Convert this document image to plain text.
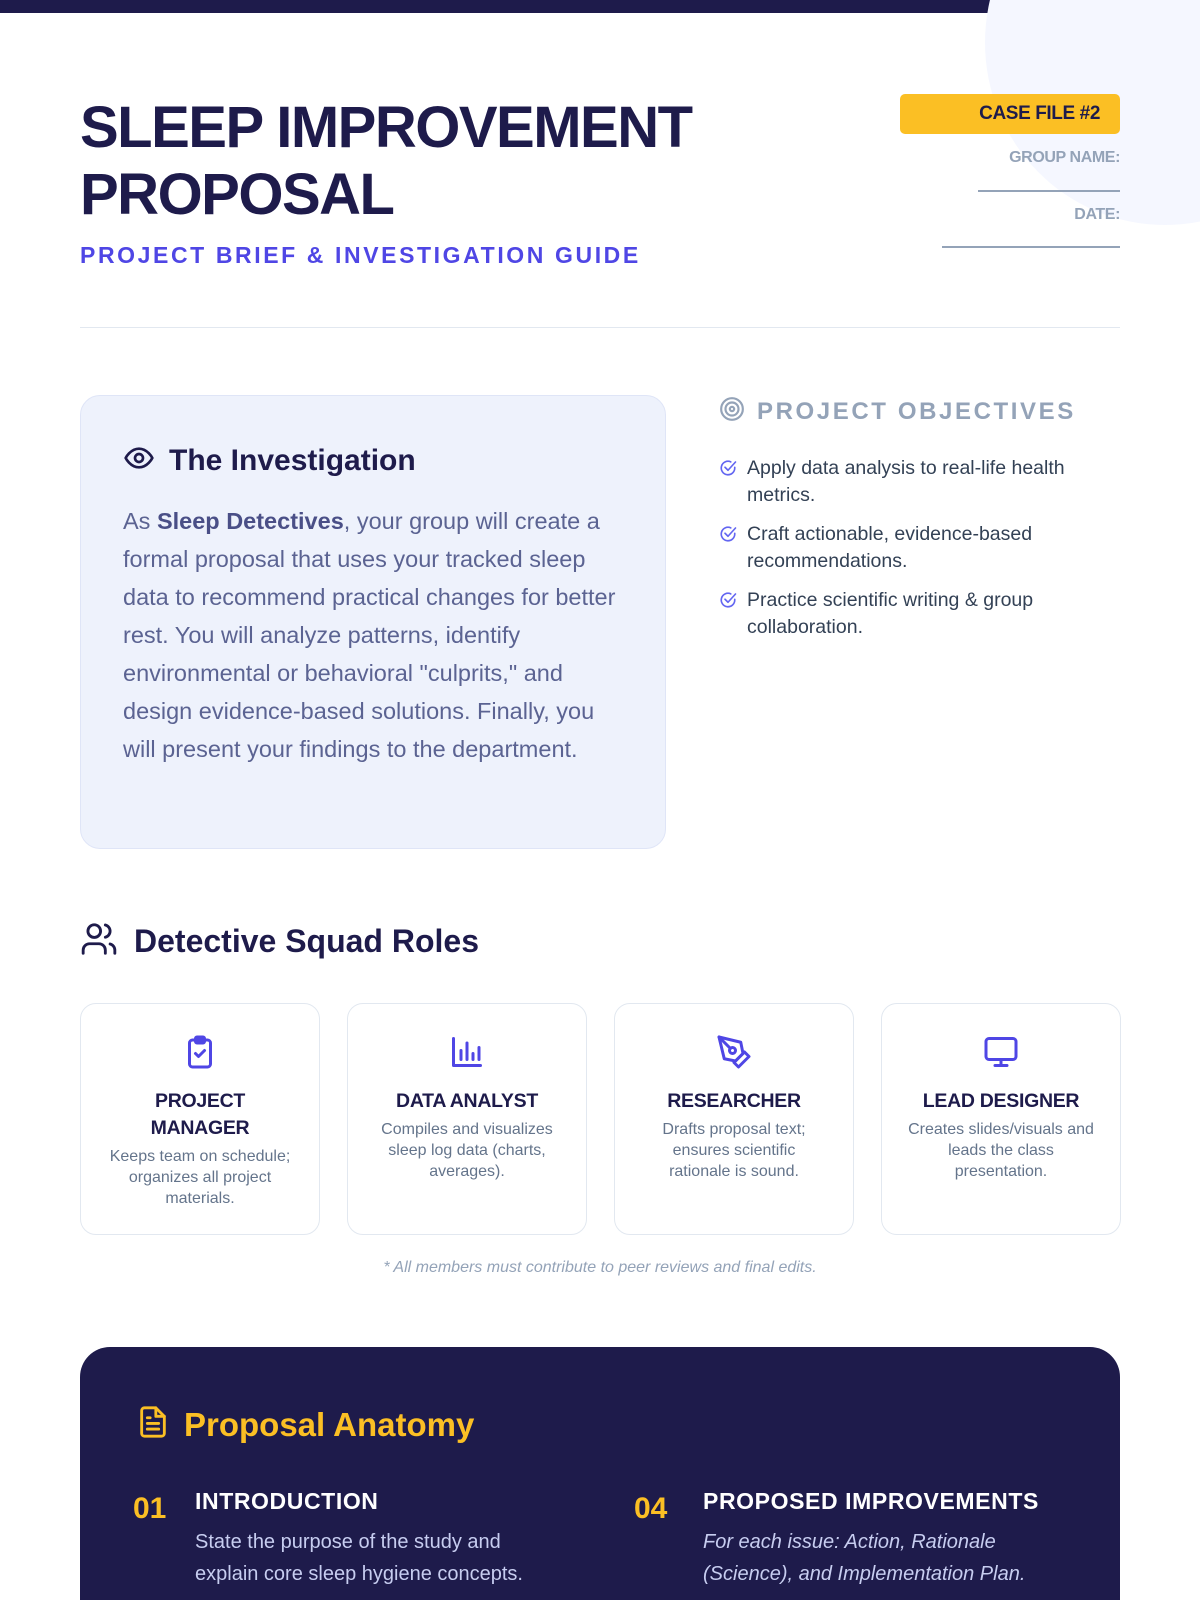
SLEEP IMPROVEMENT
PROPOSAL
PROJECT BRIEF & INVESTIGATION GUIDE
CASE FILE #2
GROUP NAME:
DATE:
The Investigation

As Sleep Detectives, your group will create a formal proposal that uses your tracked sleep data to recommend practical changes for better rest. You will analyze patterns, identify environmental or behavioral "culprits," and design evidence-based solutions. Finally, you will present your findings to the department.

PROJECT OBJECTIVES
Apply data analysis to real-life health metrics.
Craft actionable, evidence-based recommendations.
Practice scientific writing & group collaboration.
Detective Squad Roles
PROJECT
MANAGER
Keeps team on schedule; organizes all project materials.
DATA ANALYST
Compiles and visualizes sleep log data (charts, averages).
RESEARCHER
Drafts proposal text; ensures scientific rationale is sound.
LEAD DESIGNER
Creates slides/visuals and leads the class presentation.
* All members must contribute to peer reviews and final edits.
Proposal Anatomy
01 INTRODUCTION
State the purpose of the study and explain core sleep hygiene concepts.
04 PROPOSED IMPROVEMENTS
For each issue: Action, Rationale (Science), and Implementation Plan.
